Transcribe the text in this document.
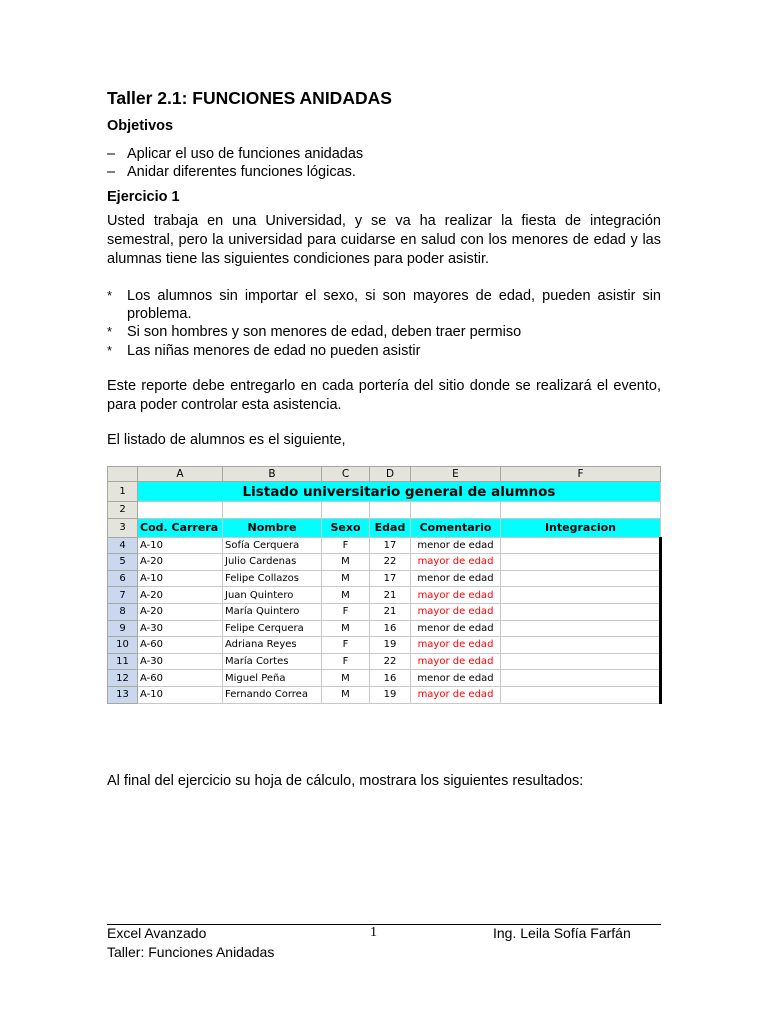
Taller 2.1: FUNCIONES ANIDADAS
Objetivos
– Aplicar el uso de funciones anidadas
– Anidar diferentes funciones lógicas.
Ejercicio 1

Usted trabaja en una Universidad, y se va ha realizar la fiesta de integración semestral, pero la universidad para cuidarse en salud con los menores de edad y las alumnas tiene las siguientes condiciones para poder asistir.

*	Los alumnos sin importar el sexo, si son mayores de edad, pueden asistir sin problema.
*	Si son hombres y son menores de edad, deben traer permiso
*	Las niñas menores de edad no pueden asistir

Este reporte debe entregarlo en cada portería del sitio donde se realizará el evento, para poder controlar esta asistencia.

El listado de alumnos es el siguiente,

Al final del ejercicio su hoja de cálculo, mostrara los siguientes resultados:

	A	B	C	D	E	F
1	Listado universitario general de alumnos					
2						
3	Cod. Carrera	Nombre	Sexo	Edad	Comentario	Integracion
4	A-10	Sofía Cerquera	F	17	menor de edad	
5	A-20	Julio Cardenas	M	22	mayor de edad	
6	A-10	Felipe Collazos	M	17	menor de edad	
7	A-20	Juan Quintero	M	21	mayor de edad	
8	A-20	María Quintero	F	21	mayor de edad	
9	A-30	Felipe Cerquera	M	16	menor de edad	
10	A-60	Adriana Reyes	F	19	mayor de edad	
11	A-30	María Cortes	F	22	mayor de edad	
12	A-60	Miguel Peña	M	16	menor de edad	
13	A-10	Fernando Correa	M	19	mayor de edad	
Excel Avanzado	1	Ing. Leila Sofía Farfán
Taller: Funciones Anidadas
